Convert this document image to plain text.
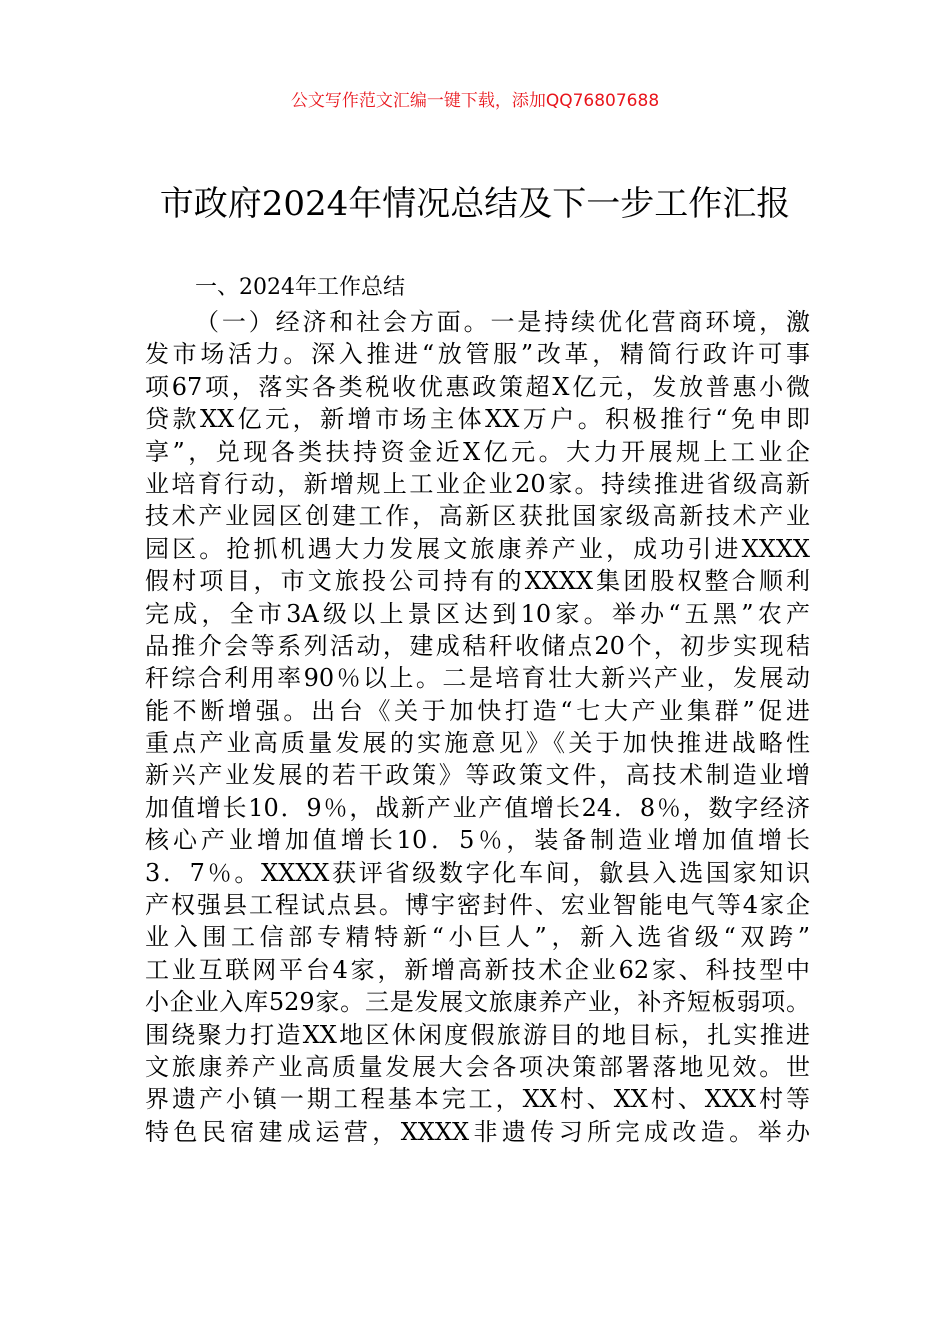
公文写作范文汇编一键下载，添加QQ76807688
市政府2024年情况总结及下一步工作汇报
一、2024年工作总结
（一）经济和社会方面。一是持续优化营商环境，激
发市场活力。深入推进“放管服”改革，精简行政许可事
项67项，落实各类税收优惠政策超X亿元，发放普惠小微
贷款XX亿元，新增市场主体XX万户。积极推行“免申即
享”，兑现各类扶持资金近X亿元。大力开展规上工业企
业培育行动，新增规上工业企业20家。持续推进省级高新
技术产业园区创建工作，高新区获批国家级高新技术产业
园区。抢抓机遇大力发展文旅康养产业，成功引进XXXX
假村项目，市文旅投公司持有的XXXX集团股权整合顺利
完成，全市3A级以上景区达到10家。举办“五黑”农产
品推介会等系列活动，建成秸秆收储点20个，初步实现秸
秆综合利用率90％以上。二是培育壮大新兴产业，发展动
能不断增强。出台《关于加快打造“七大产业集群”促进
重点产业高质量发展的实施意见》《关于加快推进战略性
新兴产业发展的若干政策》等政策文件，高技术制造业增
加值增长10．9％，战新产业产值增长24．8％，数字经济
核心产业增加值增长10．5％，装备制造业增加值增长
3．7％。XXXX获评省级数字化车间，歙县入选国家知识
产权强县工程试点县。博宇密封件、宏业智能电气等4家企
业入围工信部专精特新“小巨人”，新入选省级“双跨”
工业互联网平台4家，新增高新技术企业62家、科技型中
小企业入库529家。三是发展文旅康养产业，补齐短板弱项。
围绕聚力打造XX地区休闲度假旅游目的地目标，扎实推进
文旅康养产业高质量发展大会各项决策部署落地见效。世
界遗产小镇一期工程基本完工，XX村、XX村、XXX村等
特色民宿建成运营，XXXX非遗传习所完成改造。举办
